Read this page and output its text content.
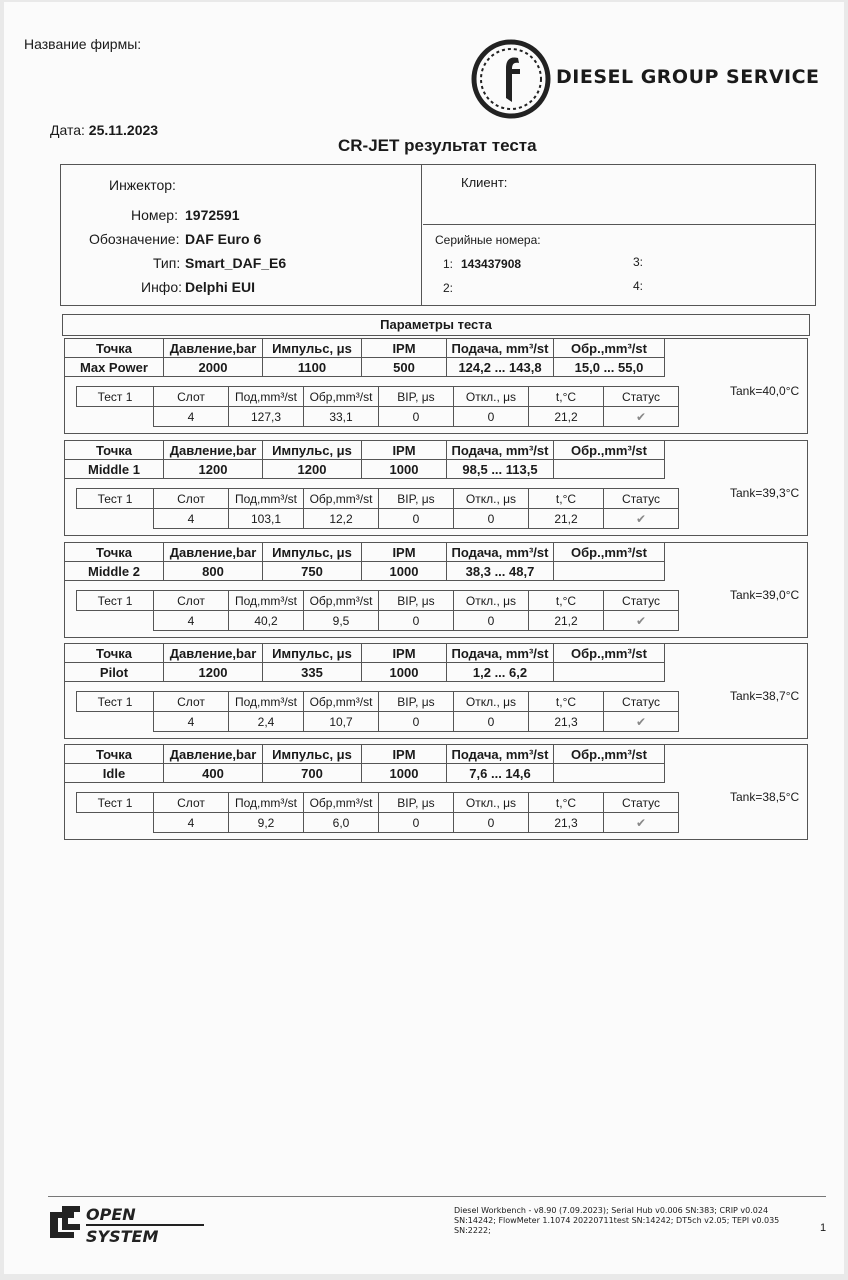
Название фирмы:
DIESEL GROUP SERVICE
Дата: 25.11.2023
CR-JET результат теста
Инжектор:
Номер: 1972591
Обозначение: DAF Euro 6
Тип: Smart_DAF_E6
Инфо: Delphi EUI
Клиент:
Серийные номера:
1: 143437908
2:
3:
4:
Параметры теста
Точка	Давление,bar	Импульс, μs	IPM	Подача, mm³/st	Обр.,mm³/st
Max Power	2000	1100	500	124,2 ... 143,8	15,0 ... 55,0
Тест 1	Слот	Под,mm³/st	Обр,mm³/st	BIP, μs	Откл., μs	t,°C	Статус
	4	127,3	33,1	0	0	21,2	✔
Tank=40,0°C
Точка	Давление,bar	Импульс, μs	IPM	Подача, mm³/st	Обр.,mm³/st
Middle 1	1200	1200	1000	98,5 ... 113,5	
Тест 1	Слот	Под,mm³/st	Обр,mm³/st	BIP, μs	Откл., μs	t,°C	Статус
	4	103,1	12,2	0	0	21,2	✔
Tank=39,3°C
Точка	Давление,bar	Импульс, μs	IPM	Подача, mm³/st	Обр.,mm³/st
Middle 2	800	750	1000	38,3 ... 48,7	
Тест 1	Слот	Под,mm³/st	Обр,mm³/st	BIP, μs	Откл., μs	t,°C	Статус
	4	40,2	9,5	0	0	21,2	✔
Tank=39,0°C
Точка	Давление,bar	Импульс, μs	IPM	Подача, mm³/st	Обр.,mm³/st
Pilot	1200	335	1000	1,2 ... 6,2	
Тест 1	Слот	Под,mm³/st	Обр,mm³/st	BIP, μs	Откл., μs	t,°C	Статус
	4	2,4	10,7	0	0	21,3	✔
Tank=38,7°C
Точка	Давление,bar	Импульс, μs	IPM	Подача, mm³/st	Обр.,mm³/st
Idle	400	700	1000	7,6 ... 14,6	
Тест 1	Слот	Под,mm³/st	Обр,mm³/st	BIP, μs	Откл., μs	t,°C	Статус
	4	9,2	6,0	0	0	21,3	✔
Tank=38,5°C
OPEN
SYSTEM
Diesel Workbench - v8.90 (7.09.2023); Serial Hub v0.006 SN:383; CRIP v0.024 SN:14242; FlowMeter 1.1074 20220711test SN:14242; DT5ch v2.05; TEPI v0.035 SN:2222;	1
